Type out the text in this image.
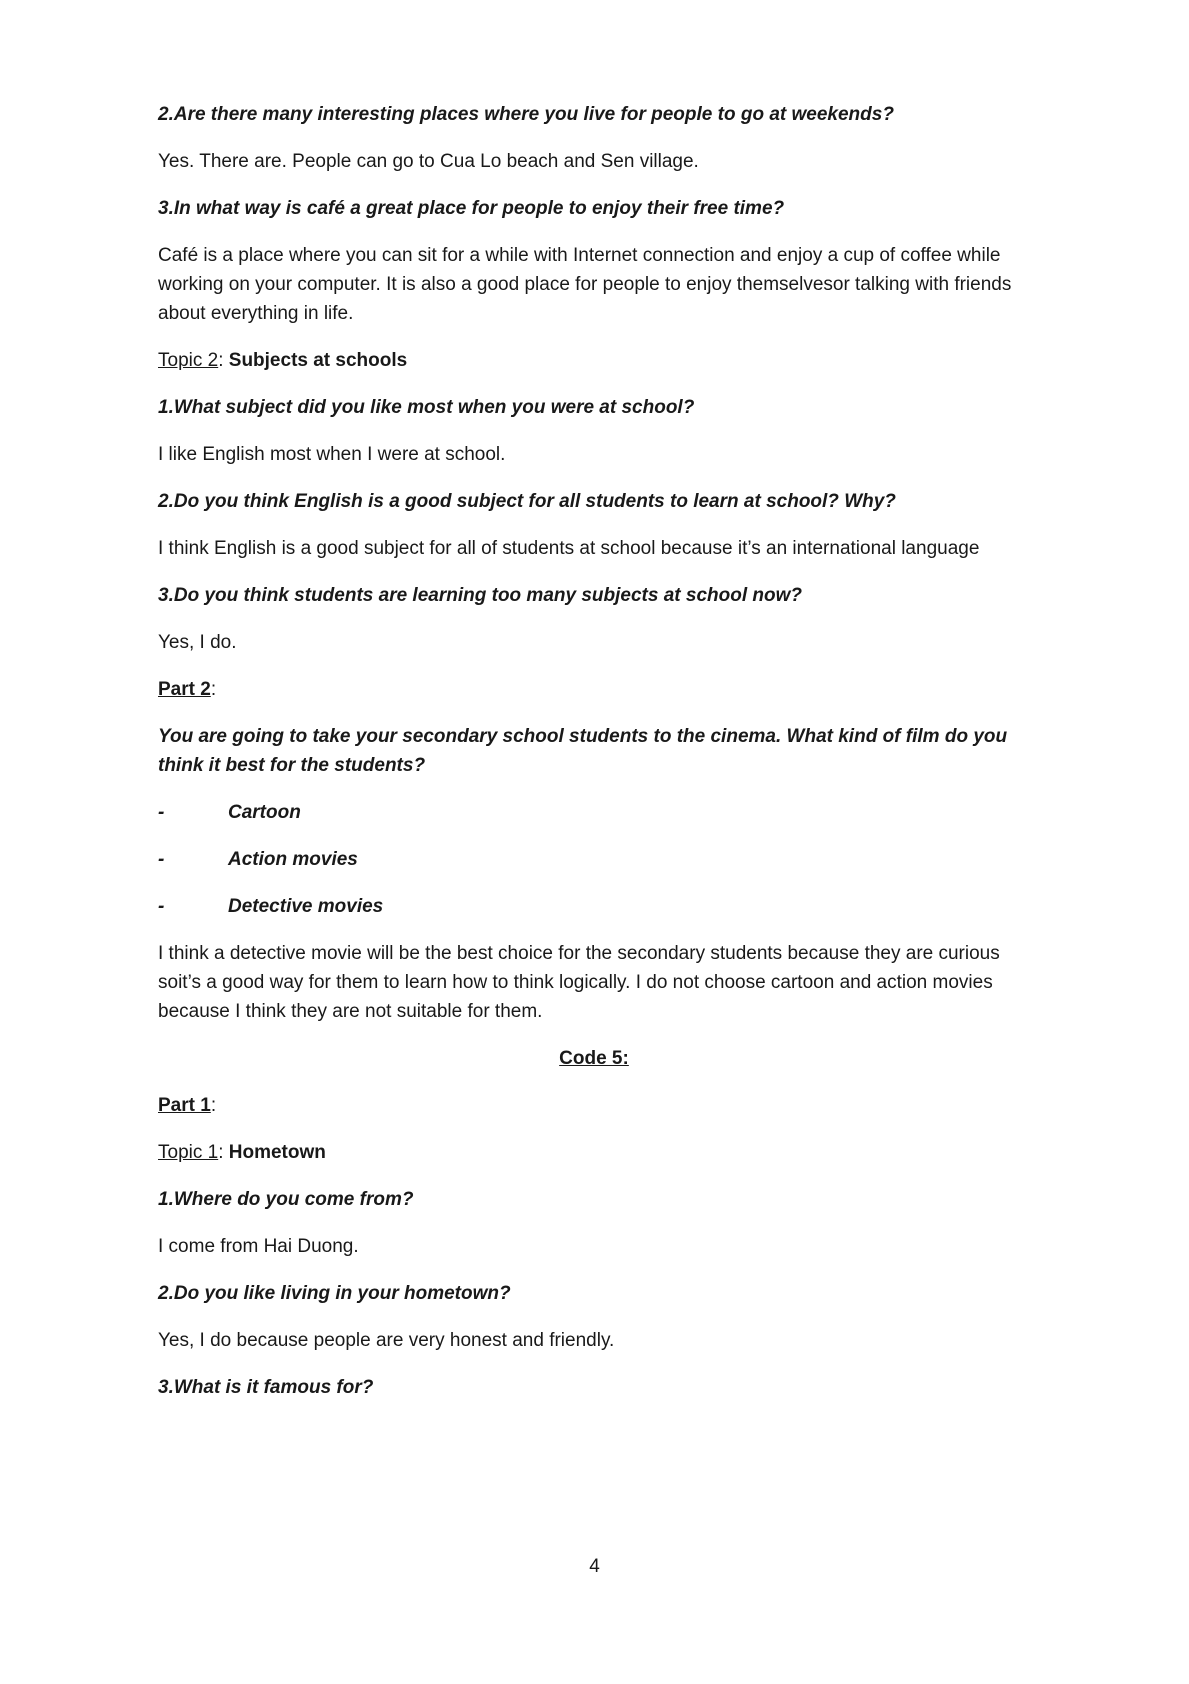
2.Are there many interesting places where you live for people to go at weekends?

Yes. There are. People can go to Cua Lo beach and Sen village.

3.In what way is café a great place for people to enjoy their free time?

Café is a place where you can sit for a while with Internet connection and enjoy a cup of coffee while working on your computer. It is also a good place for people to enjoy themselvesor talking with friends about everything in life.

Topic 2: Subjects at schools

1.What subject did you like most when you were at school?

I like English most when I were at school.

2.Do you think English is a good subject for all students to learn at school? Why?

I think English is a good subject for all of students at school because it’s an international language

3.Do you think students are learning too many subjects at school now?

Yes, I do.

Part 2:

You are going to take your secondary school students to the cinema. What kind of film do you think it best for the students?

-	Cartoon

-	Action movies

-	Detective movies

I think a detective movie will be the best choice for the secondary students because they are curious soit’s a good way for them to learn how to think logically. I do not choose cartoon and action movies because I think they are not suitable for them.

Code 5:

Part 1:

Topic 1: Hometown

1.Where do you come from?

I come from Hai Duong.

2.Do you like living in your hometown?

Yes, I do because people are very honest and friendly.

3.What is it famous for?

4
